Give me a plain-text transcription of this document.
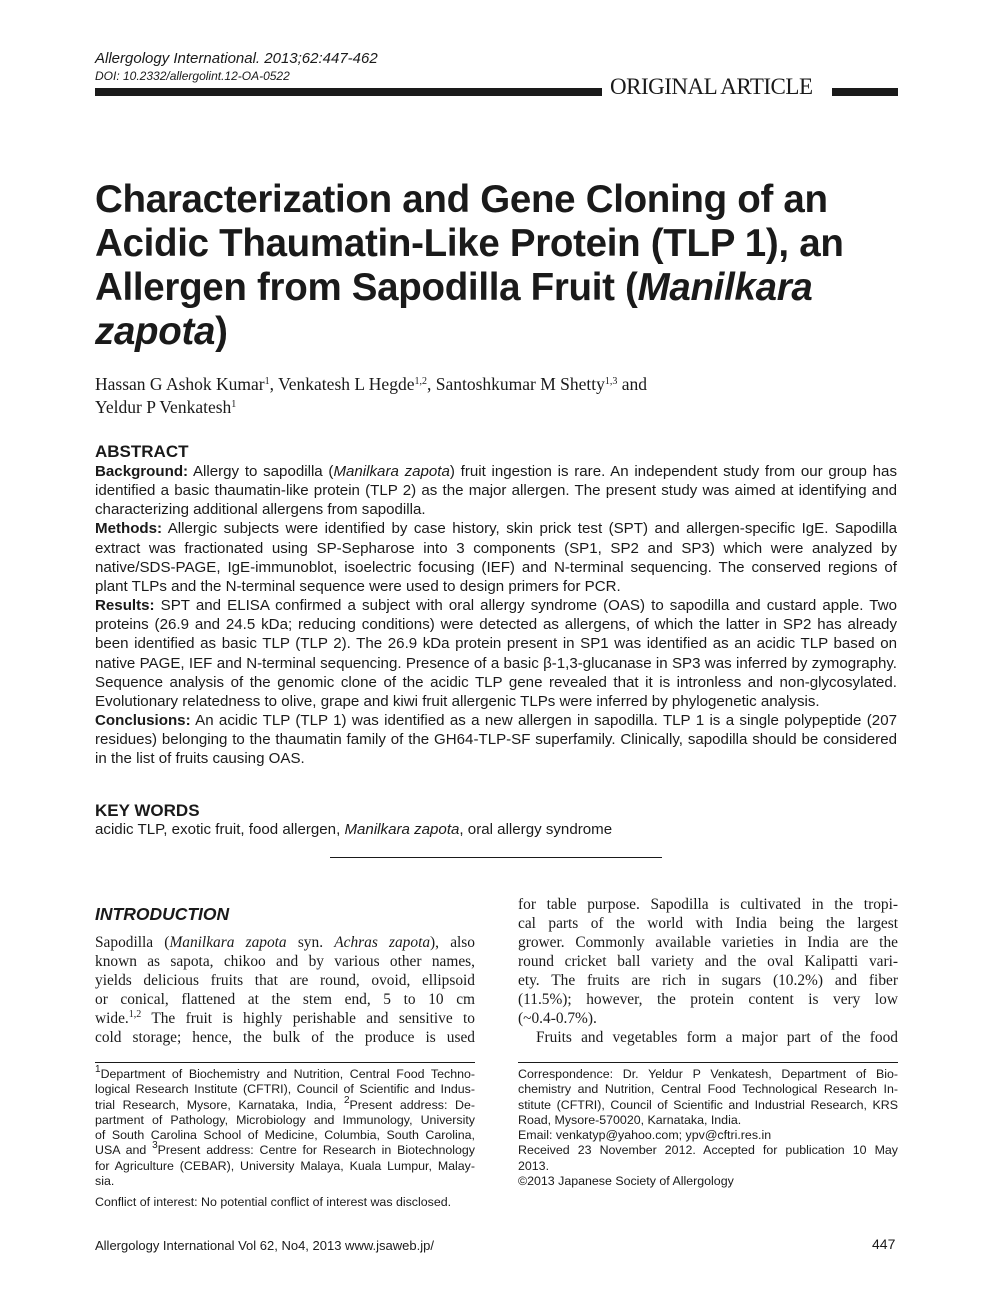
Allergology International. 2013;62:447-462
DOI: 10.2332/allergolint.12-OA-0522	ORIGINAL ARTICLE
Characterization and Gene Cloning of an Acidic Thaumatin-Like Protein (TLP 1), an Allergen from Sapodilla Fruit (Manilkara zapota)
Hassan G Ashok Kumar$^1$, Venkatesh L Hegde$^{1,2}$, Santoshkumar M Shetty$^{1,3}$ and
Yeldur P Venkatesh$^1$
ABSTRACT
Background: Allergy to sapodilla (Manilkara zapota) fruit ingestion is rare. An independent study from our group has identified a basic thaumatin-like protein (TLP 2) as the major allergen. The present study was aimed at identifying and characterizing additional allergens from sapodilla.
Methods: Allergic subjects were identified by case history, skin prick test (SPT) and allergen-specific IgE. Sapodilla extract was fractionated using SP-Sepharose into 3 components (SP1, SP2 and SP3) which were analyzed by native/SDS-PAGE, IgE-immunoblot, isoelectric focusing (IEF) and N-terminal sequencing. The conserved regions of plant TLPs and the N-terminal sequence were used to design primers for PCR.
Results: SPT and ELISA confirmed a subject with oral allergy syndrome (OAS) to sapodilla and custard apple. Two proteins (26.9 and 24.5 kDa; reducing conditions) were detected as allergens, of which the latter in SP2 has already been identified as basic TLP (TLP 2). The 26.9 kDa protein present in SP1 was identified as an acidic TLP based on native PAGE, IEF and N-terminal sequencing. Presence of a basic β-1,3-glucanase in SP3 was inferred by zymography. Sequence analysis of the genomic clone of the acidic TLP gene revealed that it is intronless and non-glycosylated. Evolutionary relatedness to olive, grape and kiwi fruit allergenic TLPs were inferred by phylogenetic analysis.
Conclusions: An acidic TLP (TLP 1) was identified as a new allergen in sapodilla. TLP 1 is a single polypeptide (207 residues) belonging to the thaumatin family of the GH64-TLP-SF superfamily. Clinically, sapodilla should be considered in the list of fruits causing OAS.
KEY WORDS
acidic TLP, exotic fruit, food allergen, Manilkara zapota, oral allergy syndrome
INTRODUCTION
Sapodilla (Manilkara zapota syn. Achras zapota), also
known as sapota, chikoo and by various other names,
yields delicious fruits that are round, ovoid, ellipsoid
or conical, flattened at the stem end, 5 to 10 cm
wide.$^{1,2}$ The fruit is highly perishable and sensitive to
cold storage; hence, the bulk of the produce is used
for table purpose. Sapodilla is cultivated in the tropi-
cal parts of the world with India being the largest
grower. Commonly available varieties in India are the
round cricket ball variety and the oval Kalipatti vari-
ety. The fruits are rich in sugars (10.2%) and fiber
(11.5%); however, the protein content is very low
(~0.4-0.7%).
Fruits and vegetables form a major part of the food
$^1$Department of Biochemistry and Nutrition, Central Food Techno-
logical Research Institute (CFTRI), Council of Scientific and Indus-
trial Research, Mysore, Karnataka, India, $^2$Present address: De-
partment of Pathology, Microbiology and Immunology, University
of South Carolina School of Medicine, Columbia, South Carolina,
USA and $^3$Present address: Centre for Research in Biotechnology
for Agriculture (CEBAR), University Malaya, Kuala Lumpur, Malay-
sia.
Conflict of interest: No potential conflict of interest was disclosed.
Correspondence: Dr. Yeldur P Venkatesh, Department of Bio-
chemistry and Nutrition, Central Food Technological Research In-
stitute (CFTRI), Council of Scientific and Industrial Research, KRS
Road, Mysore-570020, Karnataka, India.
Email: venkatyp@yahoo.com; ypv@cftri.res.in
Received 23 November 2012. Accepted for publication 10 May
2013.
©2013 Japanese Society of Allergology
Allergology International Vol 62, No4, 2013 www.jsaweb.jp/	447
